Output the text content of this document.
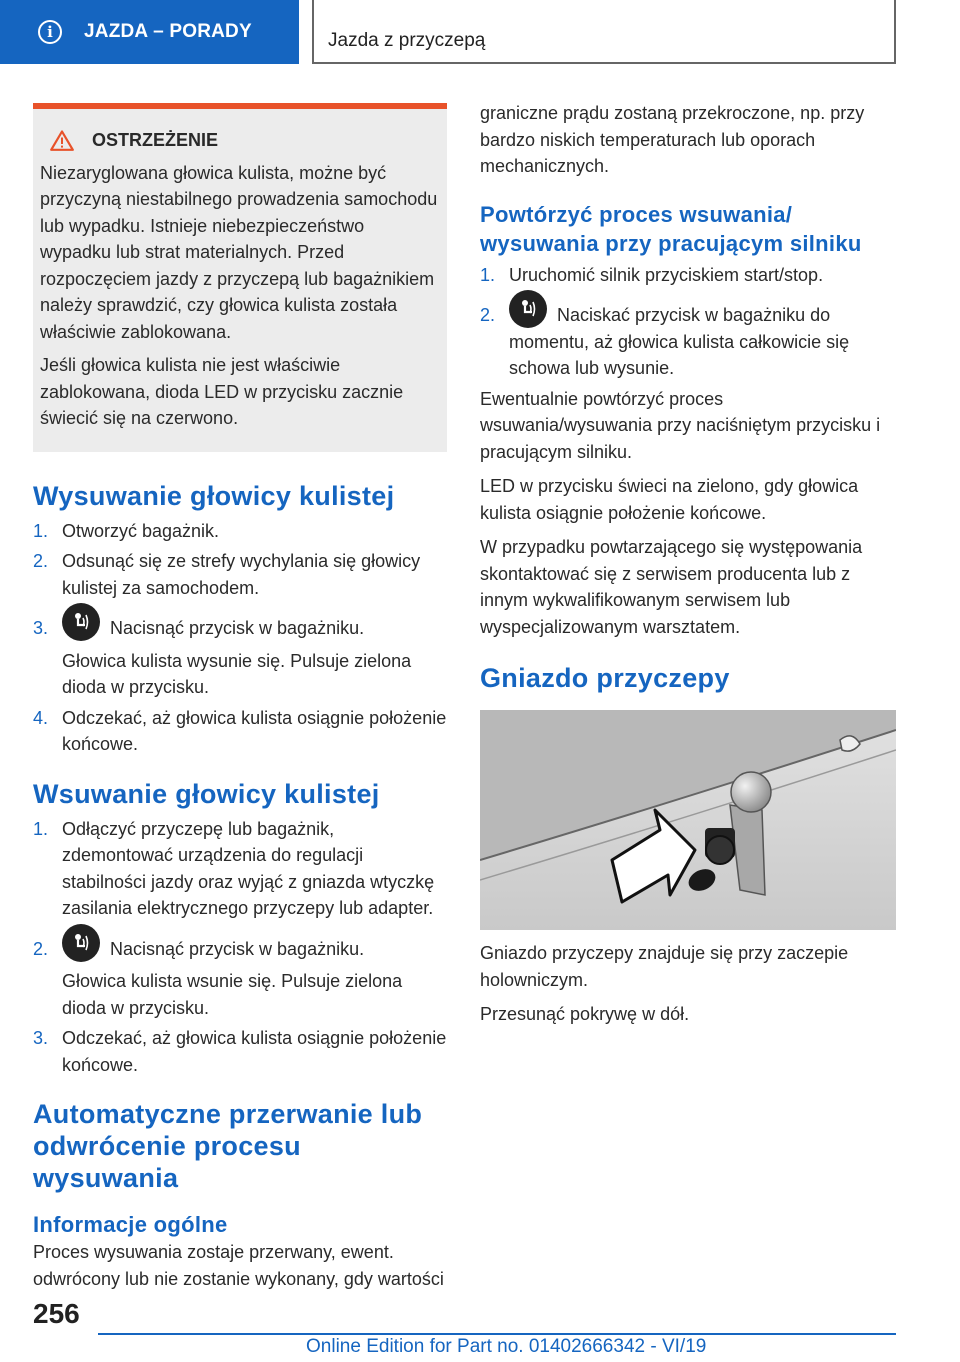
i	JAZDA – PORADY	Jazda z przyczepą
OSTRZEŻENIE

Niezaryglowana głowica kulista, możne być przyczyną niestabilnego prowadzenia samochodu lub wypadku. Istnieje niebezpieczeństwo wypadku lub strat materialnych. Przed rozpoczęciem jazdy z przyczepą lub bagażnikiem należy sprawdzić, czy głowica kulista została właściwie zablokowana.

Jeśli głowica kulista nie jest właściwie zablokowana, dioda LED w przycisku zacznie świecić się na czerwono.

Wysuwanie głowicy kulistej
1. Otworzyć bagażnik.
2. Odsunąć się ze strefy wychylania się głowicy kulistej za samochodem.
3.	Nacisnąć przycisk w bagażniku.
Głowica kulista wysunie się. Pulsuje zielona dioda w przycisku.
4. Odczekać, aż głowica kulista osiągnie położenie końcowe.
Wsuwanie głowicy kulistej
1. Odłączyć przyczepę lub bagażnik, zdemontować urządzenia do regulacji stabilności jazdy oraz wyjąć z gniazda wtyczkę zasilania elektrycznego przyczepy lub adapter.
2.	Nacisnąć przycisk w bagażniku.
Głowica kulista wsunie się. Pulsuje zielona dioda w przycisku.
3. Odczekać, aż głowica kulista osiągnie położenie końcowe.
Automatyczne przerwanie lub odwrócenie procesu wysuwania
Informacje ogólne

Proces wysuwania zostaje przerwany, ewent. odwrócony lub nie zostanie wykonany, gdy wartości

graniczne prądu zostaną przekroczone, np. przy bardzo niskich temperaturach lub oporach mechanicznych.

Powtórzyć proces wsuwania/ wysuwania przy pracującym silniku
1. Uruchomić silnik przyciskiem start/stop.
2.	Naciskać przycisk w bagażniku do momentu, aż głowica kulista całkowicie się schowa lub wysunie.

Ewentualnie powtórzyć proces wsuwania/wysuwania przy naciśniętym przycisku i pracującym silniku.

LED w przycisku świeci na zielono, gdy głowica kulista osiągnie położenie końcowe.

W przypadku powtarzającego się występowania skontaktować się z serwisem producenta lub z innym wykwalifikowanym serwisem lub wyspecjalizowanym warsztatem.

Gniazdo przyczepy

Gniazdo przyczepy znajduje się przy zaczepie holowniczym.

Przesunąć pokrywę w dół.

256
Online Edition for Part no. 01402666342 - VI/19
